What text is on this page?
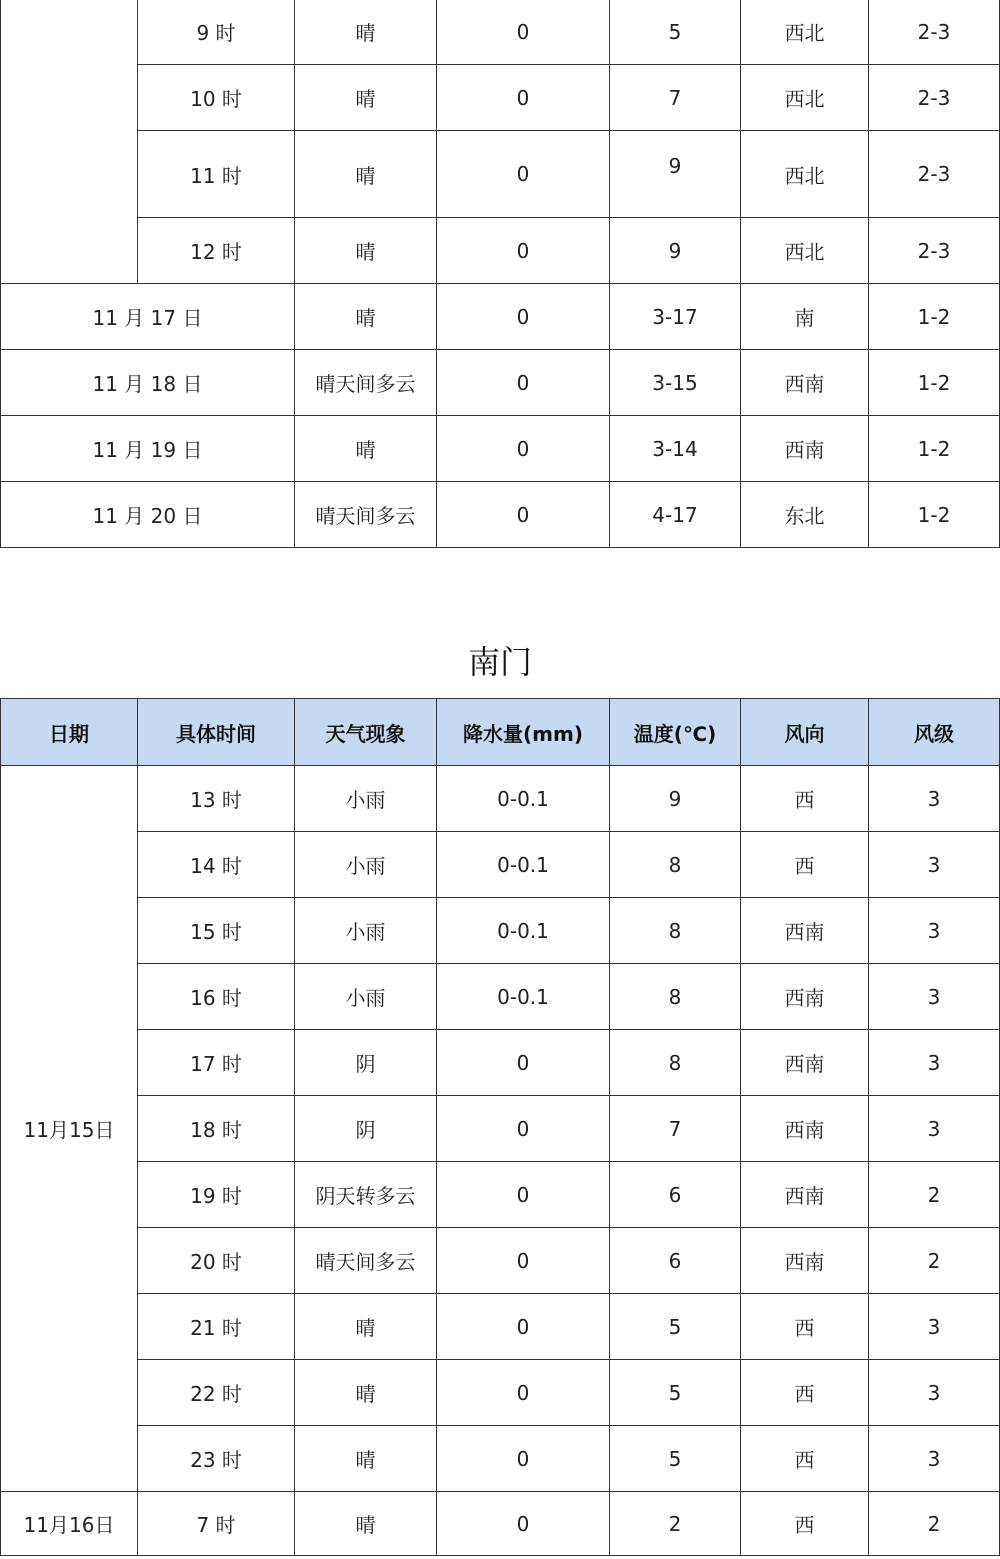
	9 时	晴	0	5	西北	2-3
	10 时	晴	0	7	西北	2-3
	11 时	晴	0	9	西北	2-3
	12 时	晴	0	9	西北	2-3
11 月 17 日		晴	0	3-17	南	1-2
11 月 18 日		晴天间多云	0	3-15	西南	1-2
11 月 19 日		晴	0	3-14	西南	1-2
11 月 20 日		晴天间多云	0	4-17	东北	1-2
南门
日期	具体时间	天气现象	降水量(mm)	温度(℃)	风向	风级
11月15日	13 时	小雨	0-0.1	9	西	3
	14 时	小雨	0-0.1	8	西	3
	15 时	小雨	0-0.1	8	西南	3
	16 时	小雨	0-0.1	8	西南	3
	17 时	阴	0	8	西南	3
	18 时	阴	0	7	西南	3
	19 时	阴天转多云	0	6	西南	2
	20 时	晴天间多云	0	6	西南	2
	21 时	晴	0	5	西	3
	22 时	晴	0	5	西	3
	23 时	晴	0	5	西	3
11月16日	7 时	晴	0	2	西	2
